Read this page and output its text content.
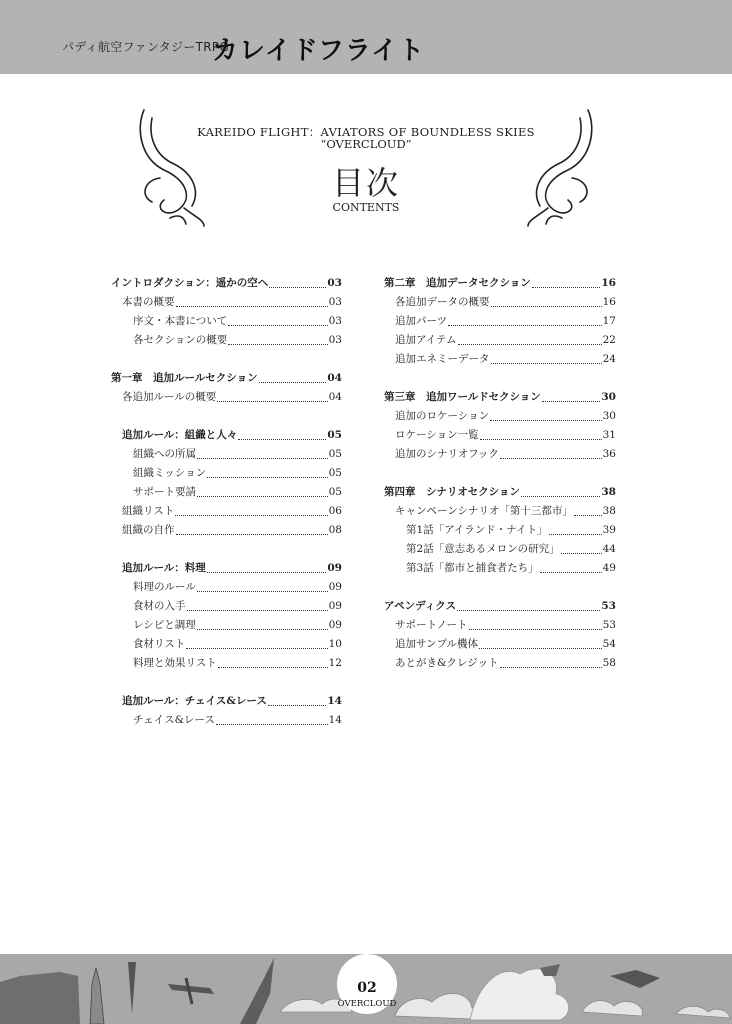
パディ航空ファンタジーTRPG
カレイドフライト
KAREIDO FLIGHT：AVIATORS OF BOUNDLESS SKIES
“OVERCLOUD”
目次
CONTENTS
イントロダクション：遥かの空へ	03
本書の概要	03
序文・本書について	03
各セクションの概要	03
第一章　追加ルールセクション	04
各追加ルールの概要	04
追加ルール：組織と人々	05
組織への所属	05
組織ミッション	05
サポート要請	05
組織リスト	06
組織の自作	08
追加ルール：料理	09
料理のルール	09
食材の入手	09
レシピと調理	09
食材リスト	10
料理と効果リスト	12
追加ルール：チェイス&レース	14
チェイス&レース	14
第二章　追加データセクション	16
各追加データの概要	16
追加パーツ	17
追加アイテム	22
追加エネミーデータ	24
第三章　追加ワールドセクション	30
追加のロケーション	30
ロケーション一覧	31
追加のシナリオフック	36
第四章　シナリオセクション	38
キャンペーンシナリオ「第十三都市」	38
第1話「アイランド・ナイト」	39
第2話「意志あるメロンの研究」	44
第3話「都市と捕食者たち」	49
アペンディクス	53
サポートノート	53
追加サンプル機体	54
あとがき&クレジット	58
02
OVERCLOUD
